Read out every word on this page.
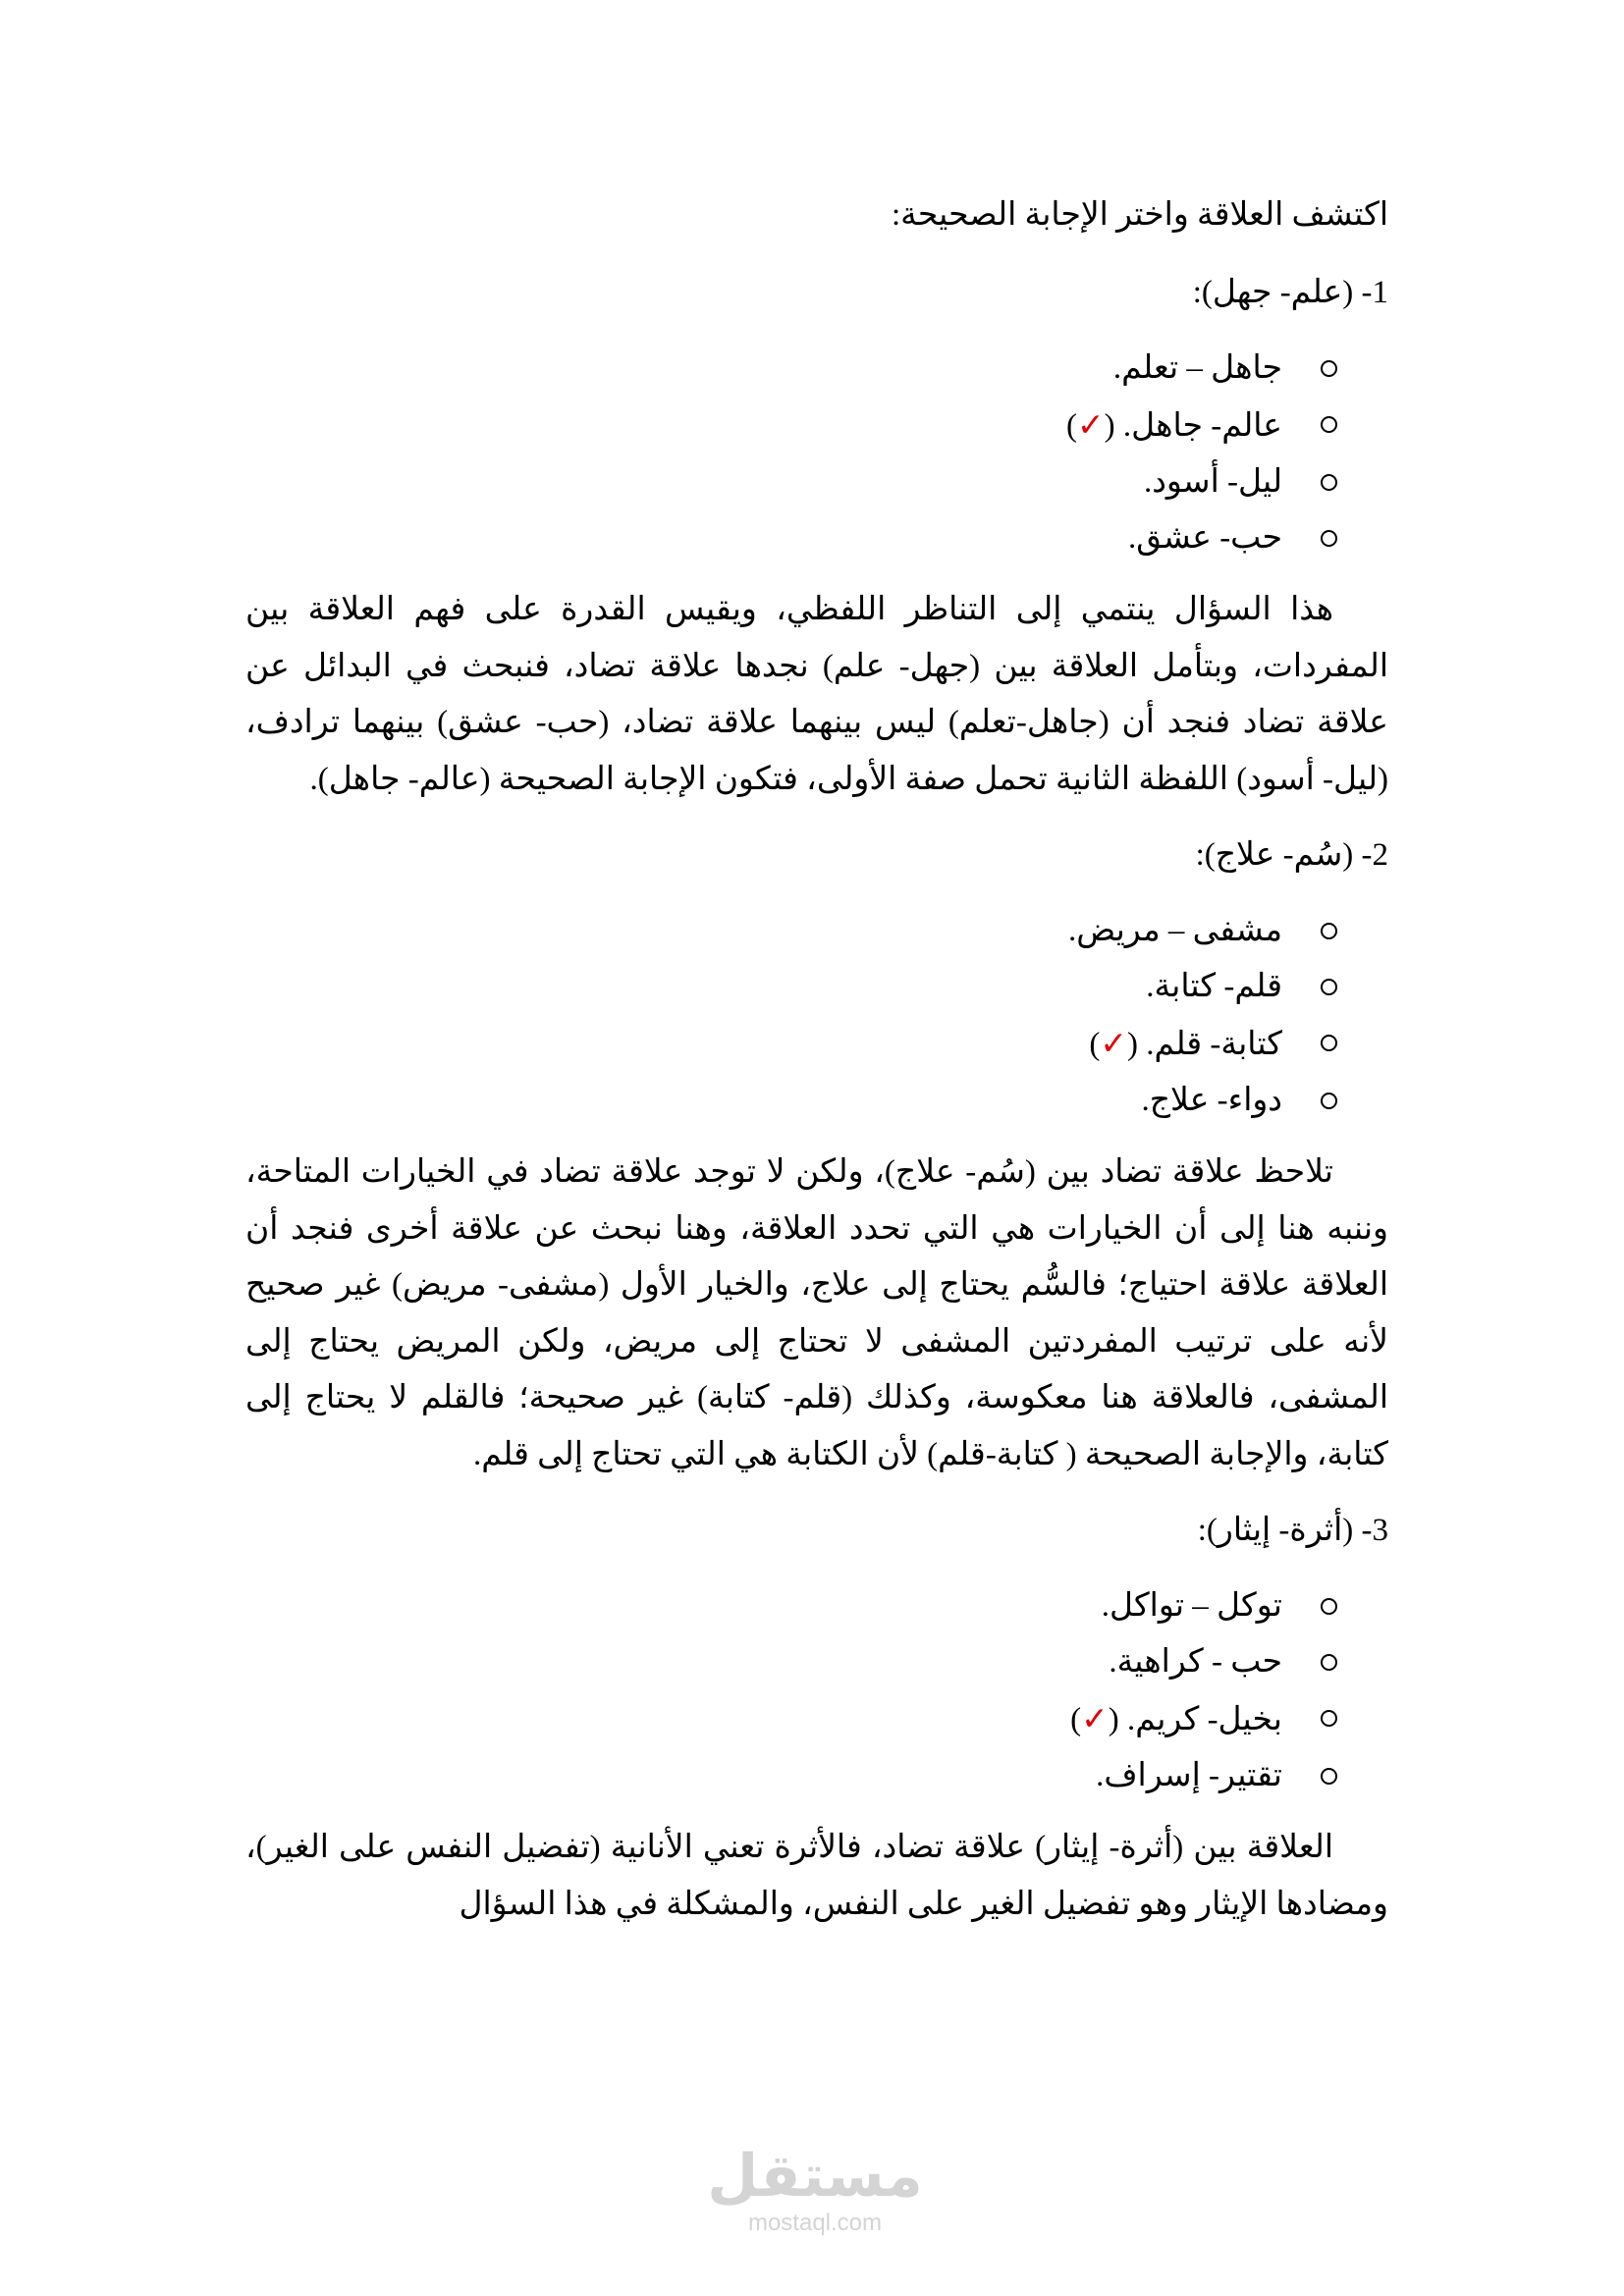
اكتشف العلاقة واختر الإجابة الصحيحة:

1- (علم- جهل):

جاهل – تعلم.
عالم- جاهل. (✓)
ليل- أسود.
حب- عشق.

هذا السؤال ينتمي إلى التناظر اللفظي، ويقيس القدرة على فهم العلاقة بين المفردات، وبتأمل العلاقة بين (جهل- علم) نجدها علاقة تضاد، فنبحث في البدائل عن علاقة تضاد فنجد أن (جاهل-تعلم) ليس بينهما علاقة تضاد، (حب- عشق) بينهما ترادف، (ليل- أسود) اللفظة الثانية تحمل صفة الأولى، فتكون الإجابة الصحيحة (عالم- جاهل).

2- (سُم- علاج):

مشفى – مريض.
قلم- كتابة.
كتابة- قلم. (✓)
دواء- علاج.

تلاحظ علاقة تضاد بين (سُم- علاج)، ولكن لا توجد علاقة تضاد في الخيارات المتاحة، وننبه هنا إلى أن الخيارات هي التي تحدد العلاقة، وهنا نبحث عن علاقة أخرى فنجد أن العلاقة علاقة احتياج؛ فالسُّم يحتاج إلى علاج، والخيار الأول (مشفى- مريض) غير صحيح لأنه على ترتيب المفردتين المشفى لا تحتاج إلى مريض، ولكن المريض يحتاج إلى المشفى، فالعلاقة هنا معكوسة، وكذلك (قلم- كتابة) غير صحيحة؛ فالقلم لا يحتاج إلى كتابة، والإجابة الصحيحة ( كتابة-قلم) لأن الكتابة هي التي تحتاج إلى قلم.

3- (أثرة- إيثار):

توكل – تواكل.
حب - كراهية.
بخيل- كريم. (✓)
تقتير- إسراف.

العلاقة بين (أثرة- إيثار) علاقة تضاد، فالأثرة تعني الأنانية (تفضيل النفس على الغير)، ومضادها الإيثار وهو تفضيل الغير على النفس، والمشكلة في هذا السؤال

مستقل
mostaql.com
